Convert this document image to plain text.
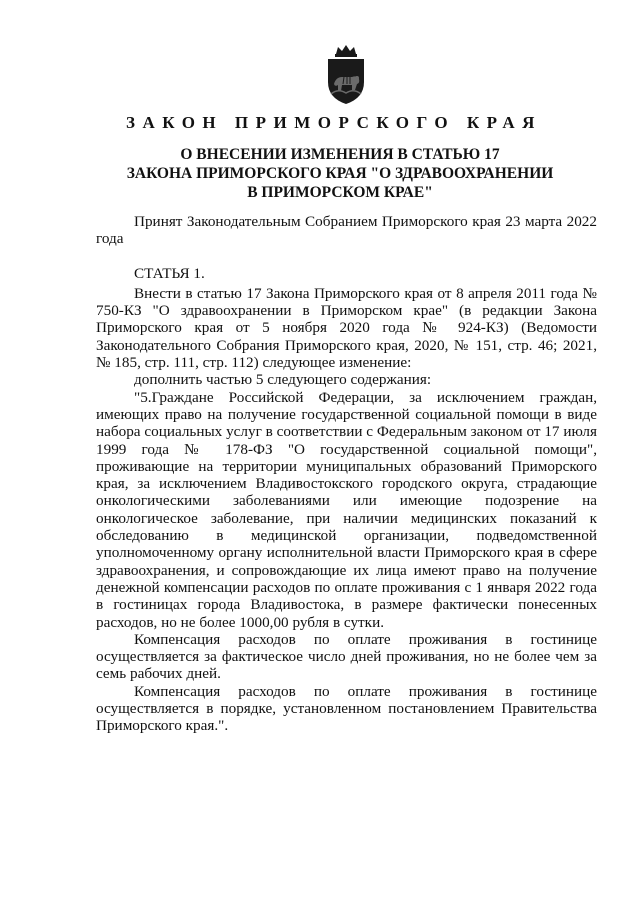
ЗАКОН ПРИМОРСКОГО КРАЯ
О ВНЕСЕНИИ ИЗМЕНЕНИЯ В СТАТЬЮ 17
ЗАКОНА ПРИМОРСКОГО КРАЯ "О ЗДРАВООХРАНЕНИИ
В ПРИМОРСКОМ КРАЕ"

Принят Законодательным Собранием Приморского края 23 марта 2022 года

СТАТЬЯ 1.

Внести в статью 17 Закона Приморского края от 8 апреля 2011 года № 750-КЗ "О здравоохранении в Приморском крае" (в редакции Закона Приморского края от 5 ноября 2020 года № 924-КЗ) (Ведомости Законодательного Собрания Приморского края, 2020, № 151, стр. 46; 2021, № 185, стр. 111, стр. 112) следующее изменение:

дополнить частью 5 следующего содержания:

"5.Граждане Российской Федерации, за исключением граждан, имеющих право на получение государственной социальной помощи в виде набора социальных услуг в соответствии с Федеральным законом от 17 июля 1999 года № 178-ФЗ "О государственной социальной помощи", проживающие на территории муниципальных образований Приморского края, за исключением Владивостокского городского округа, страдающие онкологическими заболеваниями или имеющие подозрение на онкологическое заболевание, при наличии медицинских показаний к обследованию в медицинской организации, подведомственной уполномоченному органу исполнительной власти Приморского края в сфере здравоохранения, и сопровождающие их лица имеют право на получение денежной компенсации расходов по оплате проживания с 1 января 2022 года в гостиницах города Владивостока, в размере фактически понесенных расходов, но не более 1000,00 рубля в сутки.

Компенсация расходов по оплате проживания в гостинице осуществляется за фактическое число дней проживания, но не более чем за семь рабочих дней.

Компенсация расходов по оплате проживания в гостинице осуществляется в порядке, установленном постановлением Правительства Приморского края.".
